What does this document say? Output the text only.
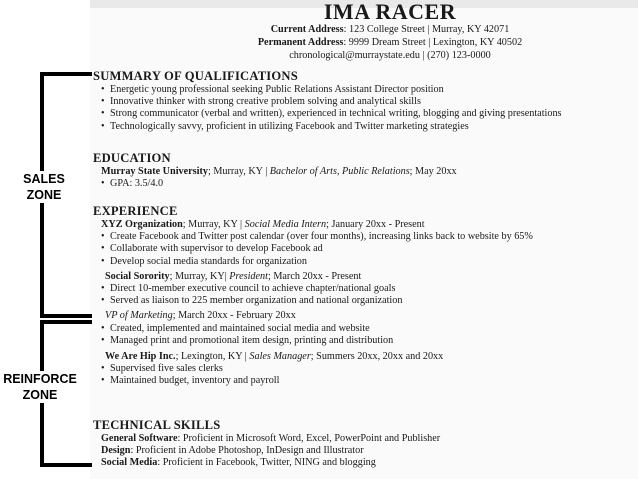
SALES
ZONE
REINFORCE
ZONE
IMA RACER
Current Address: 123 College Street | Murray, KY 42071
Permanent Address: 9999 Dream Street | Lexington, KY 40502
chronological@murraystate.edu | (270) 123-0000
SUMMARY OF QUALIFICATIONS
• Energetic young professional seeking Public Relations Assistant Director position
• Innovative thinker with strong creative problem solving and analytical skills
• Strong communicator (verbal and written), experienced in technical writing, blogging and giving presentations
• Technologically savvy, proficient in utilizing Facebook and Twitter marketing strategies
EDUCATION
Murray State University; Murray, KY | Bachelor of Arts, Public Relations; May 20xx
• GPA: 3.5/4.0
EXPERIENCE
XYZ Organization; Murray, KY | Social Media Intern; January 20xx - Present
• Create Facebook and Twitter post calendar (over four months), increasing links back to website by 65%
• Collaborate with supervisor to develop Facebook ad
• Develop social media standards for organization
Social Sorority; Murray, KY| President; March 20xx - Present
• Direct 10-member executive council to achieve chapter/national goals
• Served as liaison to 225 member organization and national organization
VP of Marketing; March 20xx - February 20xx
• Created, implemented and maintained social media and website
• Managed print and promotional item design, printing and distribution
We Are Hip Inc.; Lexington, KY | Sales Manager; Summers 20xx, 20xx and 20xx
• Supervised five sales clerks
• Maintained budget, inventory and payroll
TECHNICAL SKILLS
General Software: Proficient in Microsoft Word, Excel, PowerPoint and Publisher
Design: Proficient in Adobe Photoshop, InDesign and Illustrator
Social Media: Proficient in Facebook, Twitter, NING and blogging
